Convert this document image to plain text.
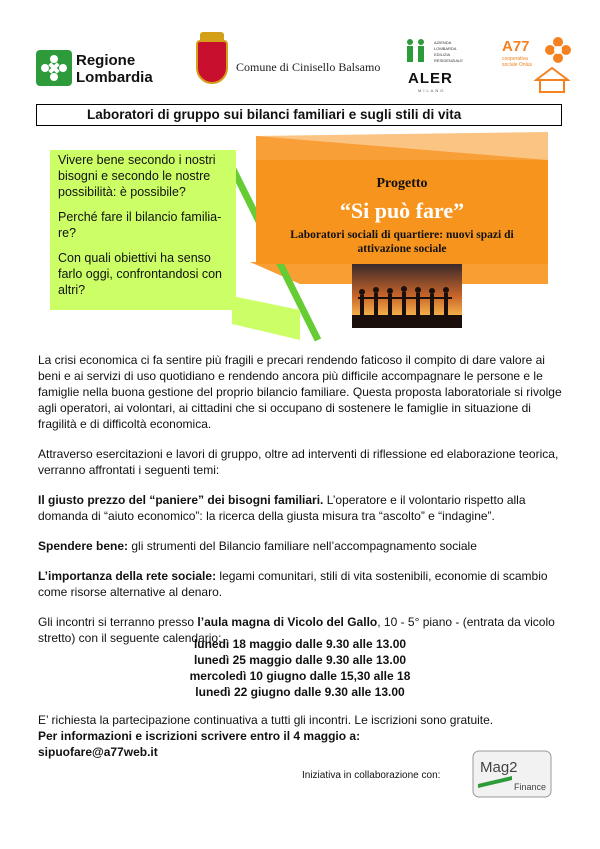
Regione
Lombardia
Comune di Cinisello Balsamo
AZIENDA LOMBARDA EDILIZIA RESIDENZIALE
ALER
MILANO
A77
cooperativa sociale Onlus
Laboratori di gruppo sui bilanci familiari e sugli stili di vita

Vivere bene secondo i nostri bisogni e secondo le nostre possibilità: è possibile?

Perché fare il bilancio familia-re?

Con quali obiettivi ha senso farlo oggi, confrontandosi con altri?

Progetto
“Si può fare”
Laboratori sociali di quartiere: nuovi spazi di attivazione sociale

La crisi economica ci fa sentire più fragili e precari rendendo faticoso il compito di dare valore ai beni e ai servizi di uso quotidiano e rendendo ancora più difficile accompagnare le persone e le famiglie nella buona gestione del proprio bilancio familiare. Questa proposta laboratoriale si rivolge agli operatori, ai volontari, ai cittadini che si occupano di sostenere le famiglie in situazione di fragilità e di difficoltà economica.

Attraverso esercitazioni e lavori di gruppo, oltre ad interventi di riflessione ed elaborazione teorica, verranno affrontati i seguenti temi:

Il giusto prezzo del “paniere” dei bisogni familiari. L’operatore e il volontario rispetto alla domanda di “aiuto economico”: la ricerca della giusta misura tra “ascolto” e “indagine”.

Spendere bene: gli strumenti del Bilancio familiare nell’accompagnamento sociale

L’importanza della rete sociale: legami comunitari, stili di vita sostenibili, economie di scambio come risorse alternative al denaro.

Gli incontri si terranno presso l’aula magna di Vicolo del Gallo, 10 - 5° piano - (entrata da vicolo stretto) con il seguente calendario:

lunedì 18 maggio dalle 9.30 alle 13.00
lunedì 25 maggio dalle 9.30 alle 13.00
mercoledì 10 giugno dalle 15,30 alle 18
lunedì 22 giugno dalle 9.30 alle 13.00
E’ richiesta la partecipazione continuativa a tutti gli incontri. Le iscrizioni sono gratuite.
Per informazioni e iscrizioni scrivere entro il 4 maggio a:
sipuofare@a77web.it
Iniziativa in collaborazione con:	Mag2
Finance
